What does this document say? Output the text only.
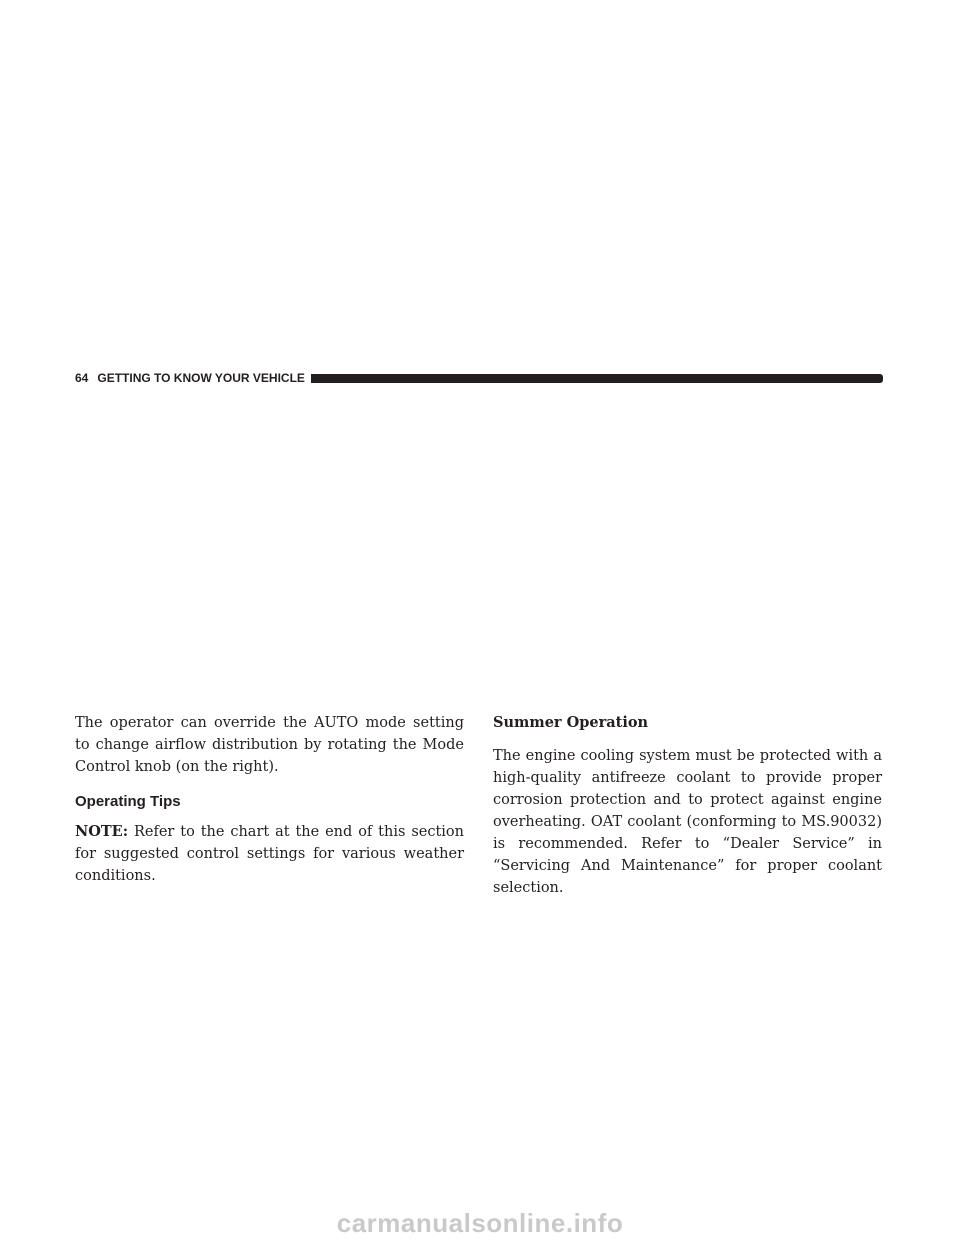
64 GETTING TO KNOW YOUR VEHICLE

The operator can override the AUTO mode setting to change airflow distribution by rotating the Mode Control knob (on the right).

Operating Tips

NOTE: Refer to the chart at the end of this section for suggested control settings for various weather conditions.

Summer Operation

The engine cooling system must be protected with a high-quality antifreeze coolant to provide proper corrosion protection and to protect against engine overheating. OAT coolant (conforming to MS.90032) is recommended. Refer to “Dealer Service” in “Servicing And Maintenance” for proper coolant selection.

carmanualsonline.info
